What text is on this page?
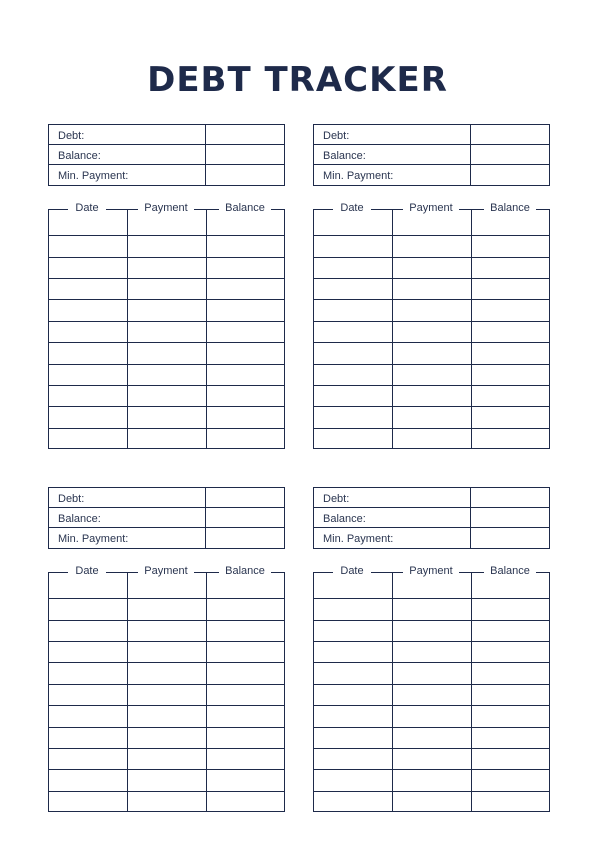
DEBT TRACKER
Debt:
Balance:
Min. Payment:
Date	Payment	Balance
Debt:
Balance:
Min. Payment:
Date	Payment	Balance
Debt:
Balance:
Min. Payment:
Date	Payment	Balance
Debt:
Balance:
Min. Payment:
Date	Payment	Balance
